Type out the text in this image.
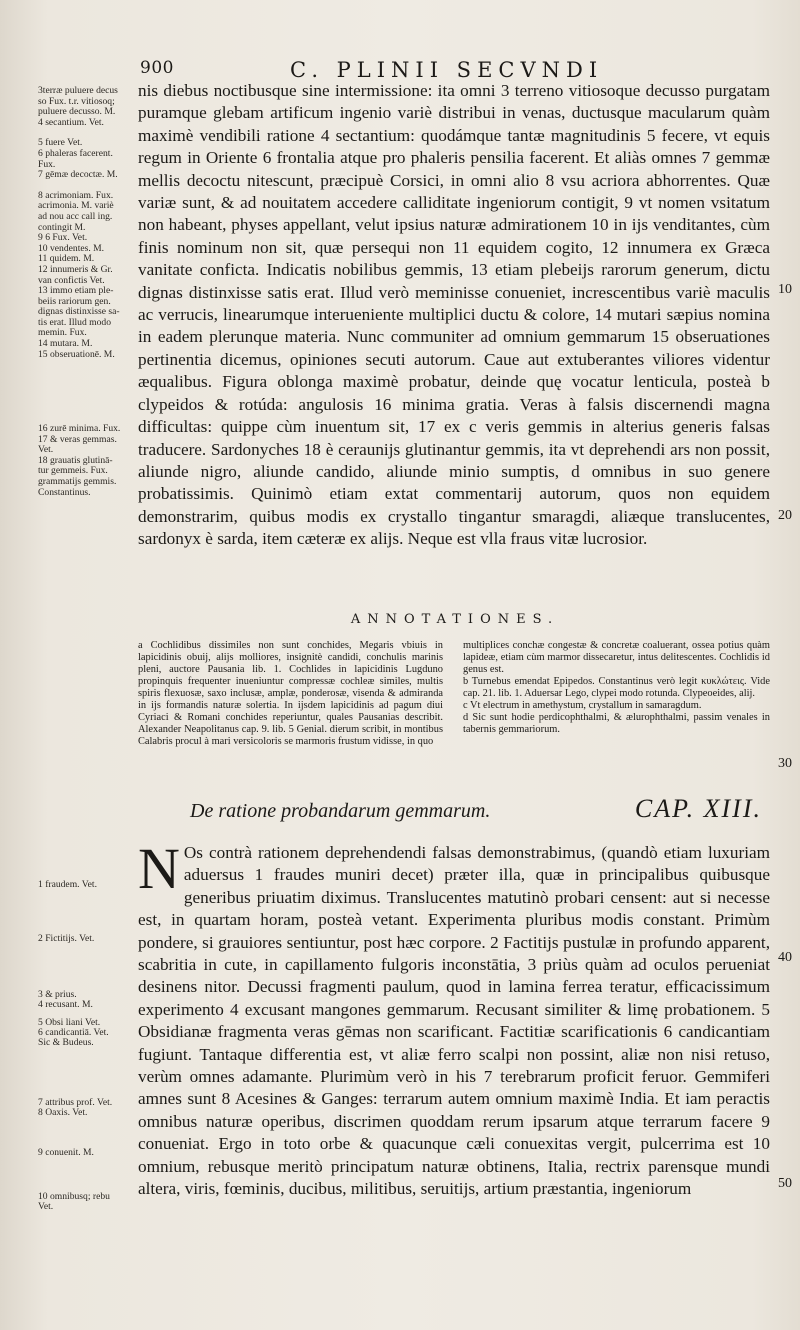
900	C. PLINII SECVNDI
3terræ puluere decus
so Fux. t.r. vitiosoq;
puluere decusso. M.
4 secantium. Vet.
5 fuere Vet.
6 phaleras facerent.
Fux.
7 gēmæ decoctæ. M.
8 acrimoniam. Fux.
acrimonia. M. variè
ad nou acc call ing.
contingit M.
9 6 Fux. Vet.
10 vendentes. M.
11 quidem. M.
12 innumeris & Gr.
van confictis Vet.
13 immo etiam ple-
beiis rariorum gen.
dignas distinxisse sa-
tis erat. Illud modo
memin. Fux.
14 mutara. M.
15 obseruationē. M.
16 zurē minima. Fux.
17 & veras gemmas.
Vet.
18 grauatis glutinā-
tur gemmeis. Fux.
grammatijs gemmis.
Constantinus.

nis diebus noctibusque sine intermissione: ita omni 3 terreno vitiosoque decusso purgatam puramque glebam artificum ingenio variè distribui in venas, ductusque macularum quàm maximè vendibili ratione 4 sectantium: quodámque tantæ magnitudinis 5 fecere, vt equis regum in Oriente 6 frontalia atque pro phaleris pensilia facerent. Et aliàs omnes 7 gemmæ mellis decoctu nitescunt, præcipuè Corsici, in omni alio 8 vsu acriora abhorrentes. Quæ variæ sunt, & ad nouitatem accedere calliditate ingeniorum contigit, 9 vt nomen vsitatum non habeant, physes appellant, velut ipsius naturæ admirationem 10 in ijs venditantes, cùm finis nominum non sit, quæ persequi non 11 equidem cogito, 12 innumera ex Græca vanitate conficta. Indicatis nobilibus gemmis, 13 etiam plebeijs rarorum generum, dictu dignas distinxisse satis erat. Illud verò meminisse conueniet, increscentibus variè maculis ac verrucis, linearumque interueniente multiplici ductu & colore, 14 mutari sæpius nomina in eadem plerunque materia. Nunc communiter ad omnium gemmarum 15 obseruationes pertinentia dicemus, opiniones secuti autorum. Caue aut extuberantes viliores videntur æqualibus. Figura oblonga maximè probatur, deinde quę vocatur lenticula, posteà b clypeidos & rotúda: angulosis 16 minima gratia. Veras à falsis discernendi magna difficultas: quippe cùm inuentum sit, 17 ex c veris gemmis in alterius generis falsas traducere. Sardonyches 18 è ceraunijs glutinantur gemmis, ita vt deprehendi ars non possit, aliunde nigro, aliunde candido, aliunde minio sumptis, d omnibus in suo genere probatissimis. Quinimò etiam extat commentarij autorum, quos non equidem demonstrarim, quibus modis ex crystallo tingantur smaragdi, aliæque translucentes, sardonyx è sarda, item cæteræ ex alijs. Neque est vlla fraus vitæ lucrosior.

10
20
30
40
50
ANNOTATIONES.

a Cochlidibus dissimiles non sunt conchides, Megaris vbiuis in lapicidinis obuij, alijs molliores, insignitè candidi, conchulis marinis pleni, auctore Pausania lib. 1. Cochlides in lapicidinis Lugduno propinquis frequenter inueniuntur compressæ cochleæ similes, multis spiris flexuosæ, saxo inclusæ, amplæ, ponderosæ, visenda & admiranda in ijs formandis naturæ solertia. In ijsdem lapicidinis ad pagum diui Cyriaci & Romani conchides reperiuntur, quales Pausanias describit. Alexander Neapolitanus cap. 9. lib. 5 Genial. dierum scribit, in montibus Calabris procul à mari versicoloris se marmoris frustum vidisse, in quo

multiplices conchæ congestæ & concretæ coaluerant, ossea potius quàm lapideæ, etiam cùm marmor dissecaretur, intus delitescentes. Cochlidis id genus est.

b Turnebus emendat Epipedos. Constantinus verò legit κυκλώτεις. Vide cap. 21. lib. 1. Aduersar Lego, clypei modo rotunda. Clypeoeides, alij.

c Vt electrum in amethystum, crystallum in samaragdum.

d Sic sunt hodie perdicophthalmi, & ælurophthalmi, passim venales in tabernis gemmariorum.

De ratione probandarum gemmarum.	CAP. XIII.
N Os contrà rationem deprehendendi falsas demonstrabimus, (quandò etiam luxuriam aduersus 1 fraudes muniri decet) præter illa, quæ in principalibus quibusque generibus priuatim diximus. Translucentes matutinò probari censent: aut si necesse est, in quartam horam, posteà vetant. Experimenta pluribus modis constant. Primùm pondere, si grauiores sentiuntur, post hæc corpore. 2 Factitijs pustulæ in profundo apparent, scabritia in cute, in capillamento fulgoris inconstātia, 3 priùs quàm ad oculos perueniat desinens nitor. Decussi fragmenti paulum, quod in lamina ferrea teratur, efficacissimum experimento 4 excusant mangones gemmarum. Recusant similiter & limę probationem. 5 Obsidianæ fragmenta veras gēmas non scarificant. Factitiæ scarificationis 6 candicantiam fugiunt. Tantaque differentia est, vt aliæ ferro scalpi non possint, aliæ non nisi retuso, verùm omnes adamante. Plurimùm verò in his 7 terebrarum proficit feruor. Gemmiferi amnes sunt 8 Acesines & Ganges: terrarum autem omnium maximè India. Et iam peractis omnibus naturæ operibus, discrimen quoddam rerum ipsarum atque terrarum facere 9 conueniat. Ergo in toto orbe & quacunque cæli conuexitas vergit, pulcerrima est 10 omnium, rebusque meritò principatum naturæ obtinens, Italia, rectrix parensque mundi altera, viris, fœminis, ducibus, militibus, seruitijs, artium præstantia, ingeniorum

1 fraudem. Vet.
2 Fictitijs. Vet.
3 & prius.
4 recusant. M.
5 Obsi liani Vet.
6 candicantiā. Vet.
Sic & Budeus.
7 attribus prof. Vet.
8 Oaxis. Vet.
9 conuenit. M.
10 omnibusq; rebu
Vet.
